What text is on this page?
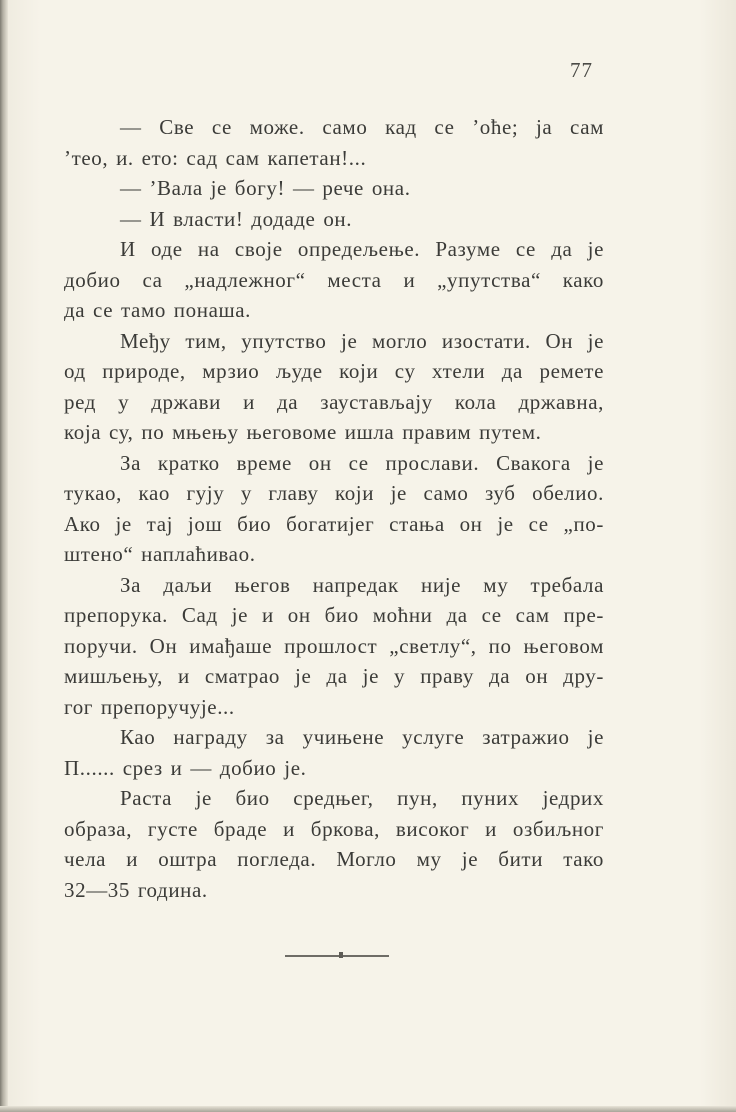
77
— Све се може. само кад се ’оће; ја сам
’тео, и. ето: сад сам капетан!...
— ’Вала је богу! — рече она.
— И власти! додаде он.
И оде на своје опредељење. Разуме се да је
добио са „надлежног“ места и „упутства“ како
да се тамо понаша.
Међу тим, упутство је могло изостати. Он је
од природе, мрзио људе који су хтели да ремете
ред у држави и да заустављају кола државна,
која су, по мњењу његовоме ишла правим путем.
За кратко време он се прослави. Свакога је
тукао, као гују у главу који је само зуб обелио.
Ако је тај још био богатијег стања он је се „по-
штено“ наплаћивао.
За даљи његов напредак није му требала
препорука. Сад је и он био моћни да се сам пре-
поручи. Он имађаше прошлост „светлу“, по његовом
мишљењу, и сматрао је да је у праву да он дру-
гог препоручује...
Као награду за учињене услуге затражио је
П...... срез и — добио је.
Раста је био средњег, пун, пуних једрих
образа, густе браде и бркова, високог и озбиљног
чела и оштра погледа. Могло му је бити тако
32—35 година.
